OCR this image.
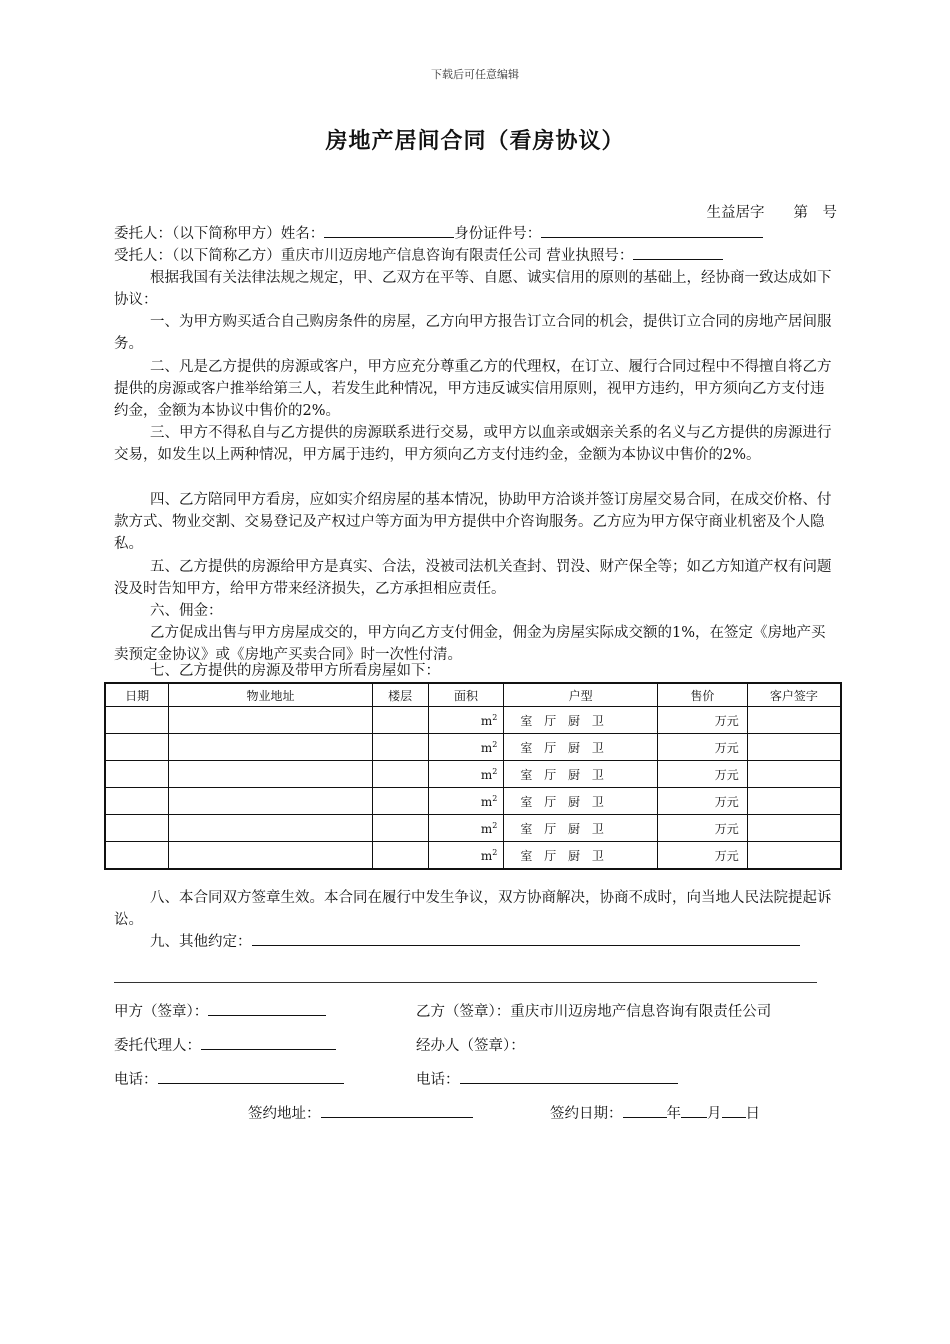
下载后可任意编辑
房地产居间合同（看房协议）
生益居字　　第　号
委托人：（以下简称甲方）姓名：	身份证件号：
受托人：（以下简称乙方）重庆市川迈房地产信息咨询有限责任公司 营业执照号：
根据我国有关法律法规之规定，甲、乙双方在平等、自愿、诚实信用的原则的基础上，经协商一致达成如下协议：
一、为甲方购买适合自己购房条件的房屋，乙方向甲方报告订立合同的机会，提供订立合同的房地产居间服务。
二、凡是乙方提供的房源或客户，甲方应充分尊重乙方的代理权，在订立、履行合同过程中不得擅自将乙方提供的房源或客户推举给第三人，若发生此种情况，甲方违反诚实信用原则，视甲方违约，甲方须向乙方支付违约金，金额为本协议中售价的2%。
三、甲方不得私自与乙方提供的房源联系进行交易，或甲方以血亲或姻亲关系的名义与乙方提供的房源进行交易，如发生以上两种情况，甲方属于违约，甲方须向乙方支付违约金，金额为本协议中售价的2%。
四、乙方陪同甲方看房，应如实介绍房屋的基本情况，协助甲方洽谈并签订房屋交易合同，在成交价格、付款方式、物业交割、交易登记及产权过户等方面为甲方提供中介咨询服务。乙方应为甲方保守商业机密及个人隐私。
五、乙方提供的房源给甲方是真实、合法，没被司法机关查封、罚没、财产保全等；如乙方知道产权有问题没及时告知甲方，给甲方带来经济损失，乙方承担相应责任。
六、佣金：
乙方促成出售与甲方房屋成交的，甲方向乙方支付佣金，佣金为房屋实际成交额的1%，在签定《房地产买卖预定金协议》或《房地产买卖合同》时一次性付清。
七、乙方提供的房源及带甲方所看房屋如下：
日期	物业地址	楼层	面积	户型	售价	客户签字
			$m^2$	室 厅 厨 卫	万元	
			$m^2$	室 厅 厨 卫	万元	
			$m^2$	室 厅 厨 卫	万元	
			$m^2$	室 厅 厨 卫	万元	
			$m^2$	室 厅 厨 卫	万元	
			$m^2$	室 厅 厨 卫	万元	
八、本合同双方签章生效。本合同在履行中发生争议，双方协商解决，协商不成时，向当地人民法院提起诉讼。
九、其他约定：
甲方（签章）：	乙方（签章）：重庆市川迈房地产信息咨询有限责任公司
委托代理人：	经办人（签章）：
电话：	电话：
签约地址：	签约日期：	年 月 日
